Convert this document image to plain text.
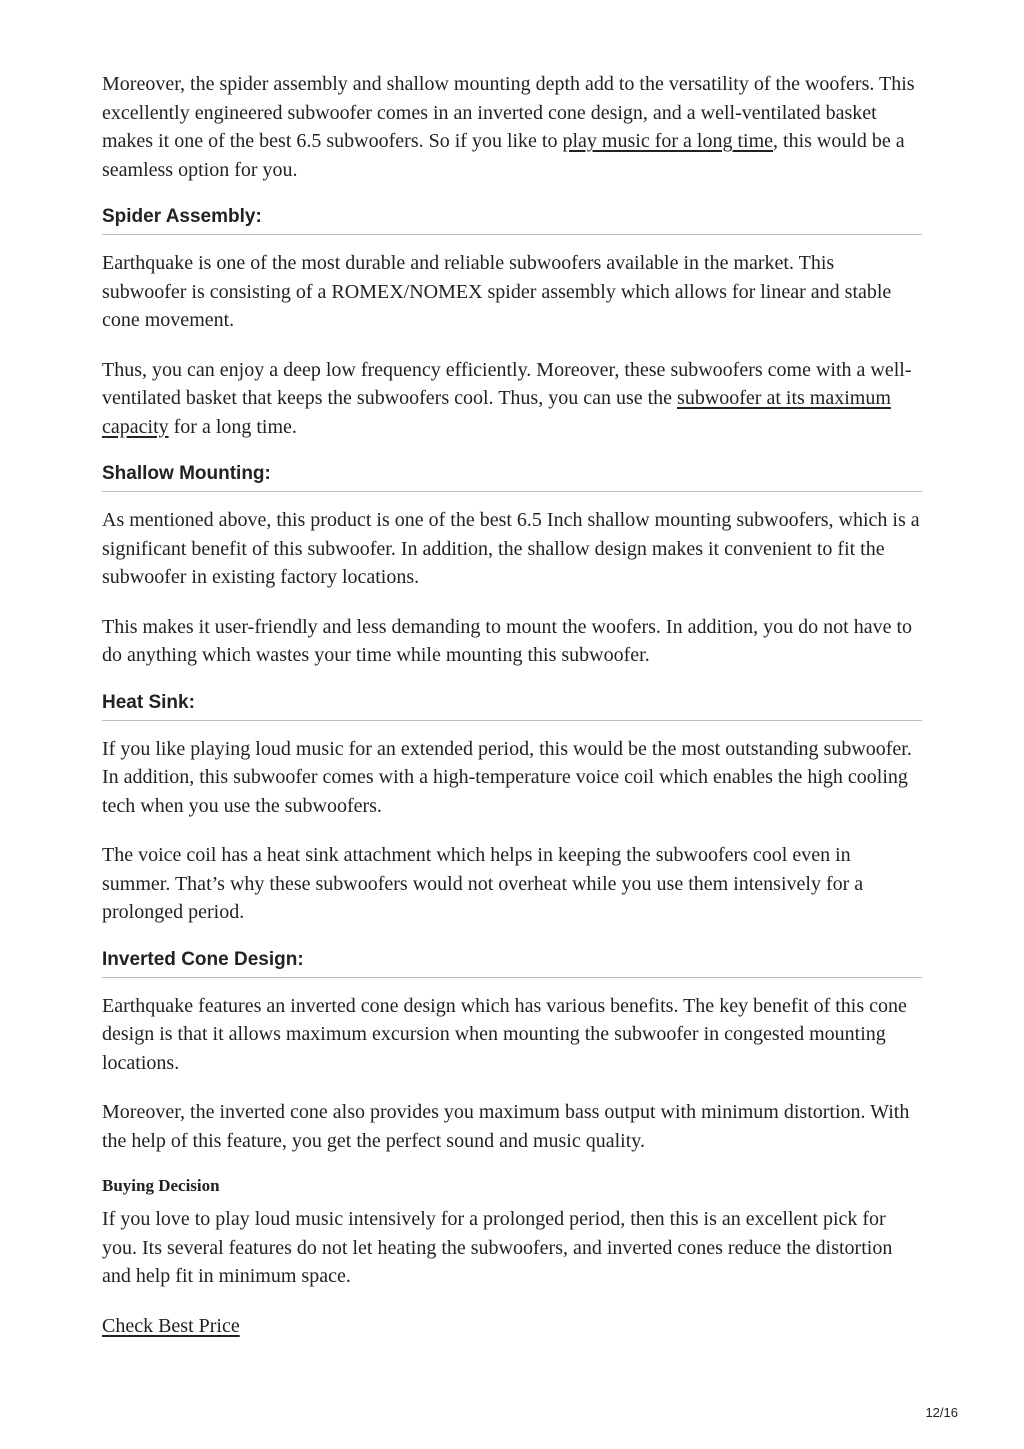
Moreover, the spider assembly and shallow mounting depth add to the versatility of the woofers. This excellently engineered subwoofer comes in an inverted cone design, and a well-ventilated basket makes it one of the best 6.5 subwoofers. So if you like to play music for a long time, this would be a seamless option for you.

Spider Assembly:

Earthquake is one of the most durable and reliable subwoofers available in the market. This subwoofer is consisting of a ROMEX/NOMEX spider assembly which allows for linear and stable cone movement.

Thus, you can enjoy a deep low frequency efficiently. Moreover, these subwoofers come with a well-ventilated basket that keeps the subwoofers cool. Thus, you can use the subwoofer at its maximum capacity for a long time.

Shallow Mounting:

As mentioned above, this product is one of the best 6.5 Inch shallow mounting subwoofers, which is a significant benefit of this subwoofer. In addition, the shallow design makes it convenient to fit the subwoofer in existing factory locations.

This makes it user-friendly and less demanding to mount the woofers. In addition, you do not have to do anything which wastes your time while mounting this subwoofer.

Heat Sink:

If you like playing loud music for an extended period, this would be the most outstanding subwoofer. In addition, this subwoofer comes with a high-temperature voice coil which enables the high cooling tech when you use the subwoofers.

The voice coil has a heat sink attachment which helps in keeping the subwoofers cool even in summer. That’s why these subwoofers would not overheat while you use them intensively for a prolonged period.

Inverted Cone Design:

Earthquake features an inverted cone design which has various benefits. The key benefit of this cone design is that it allows maximum excursion when mounting the subwoofer in congested mounting locations.

Moreover, the inverted cone also provides you maximum bass output with minimum distortion. With the help of this feature, you get the perfect sound and music quality.

Buying Decision

If you love to play loud music intensively for a prolonged period, then this is an excellent pick for you. Its several features do not let heating the subwoofers, and inverted cones reduce the distortion and help fit in minimum space.

Check Best Price

12/16
